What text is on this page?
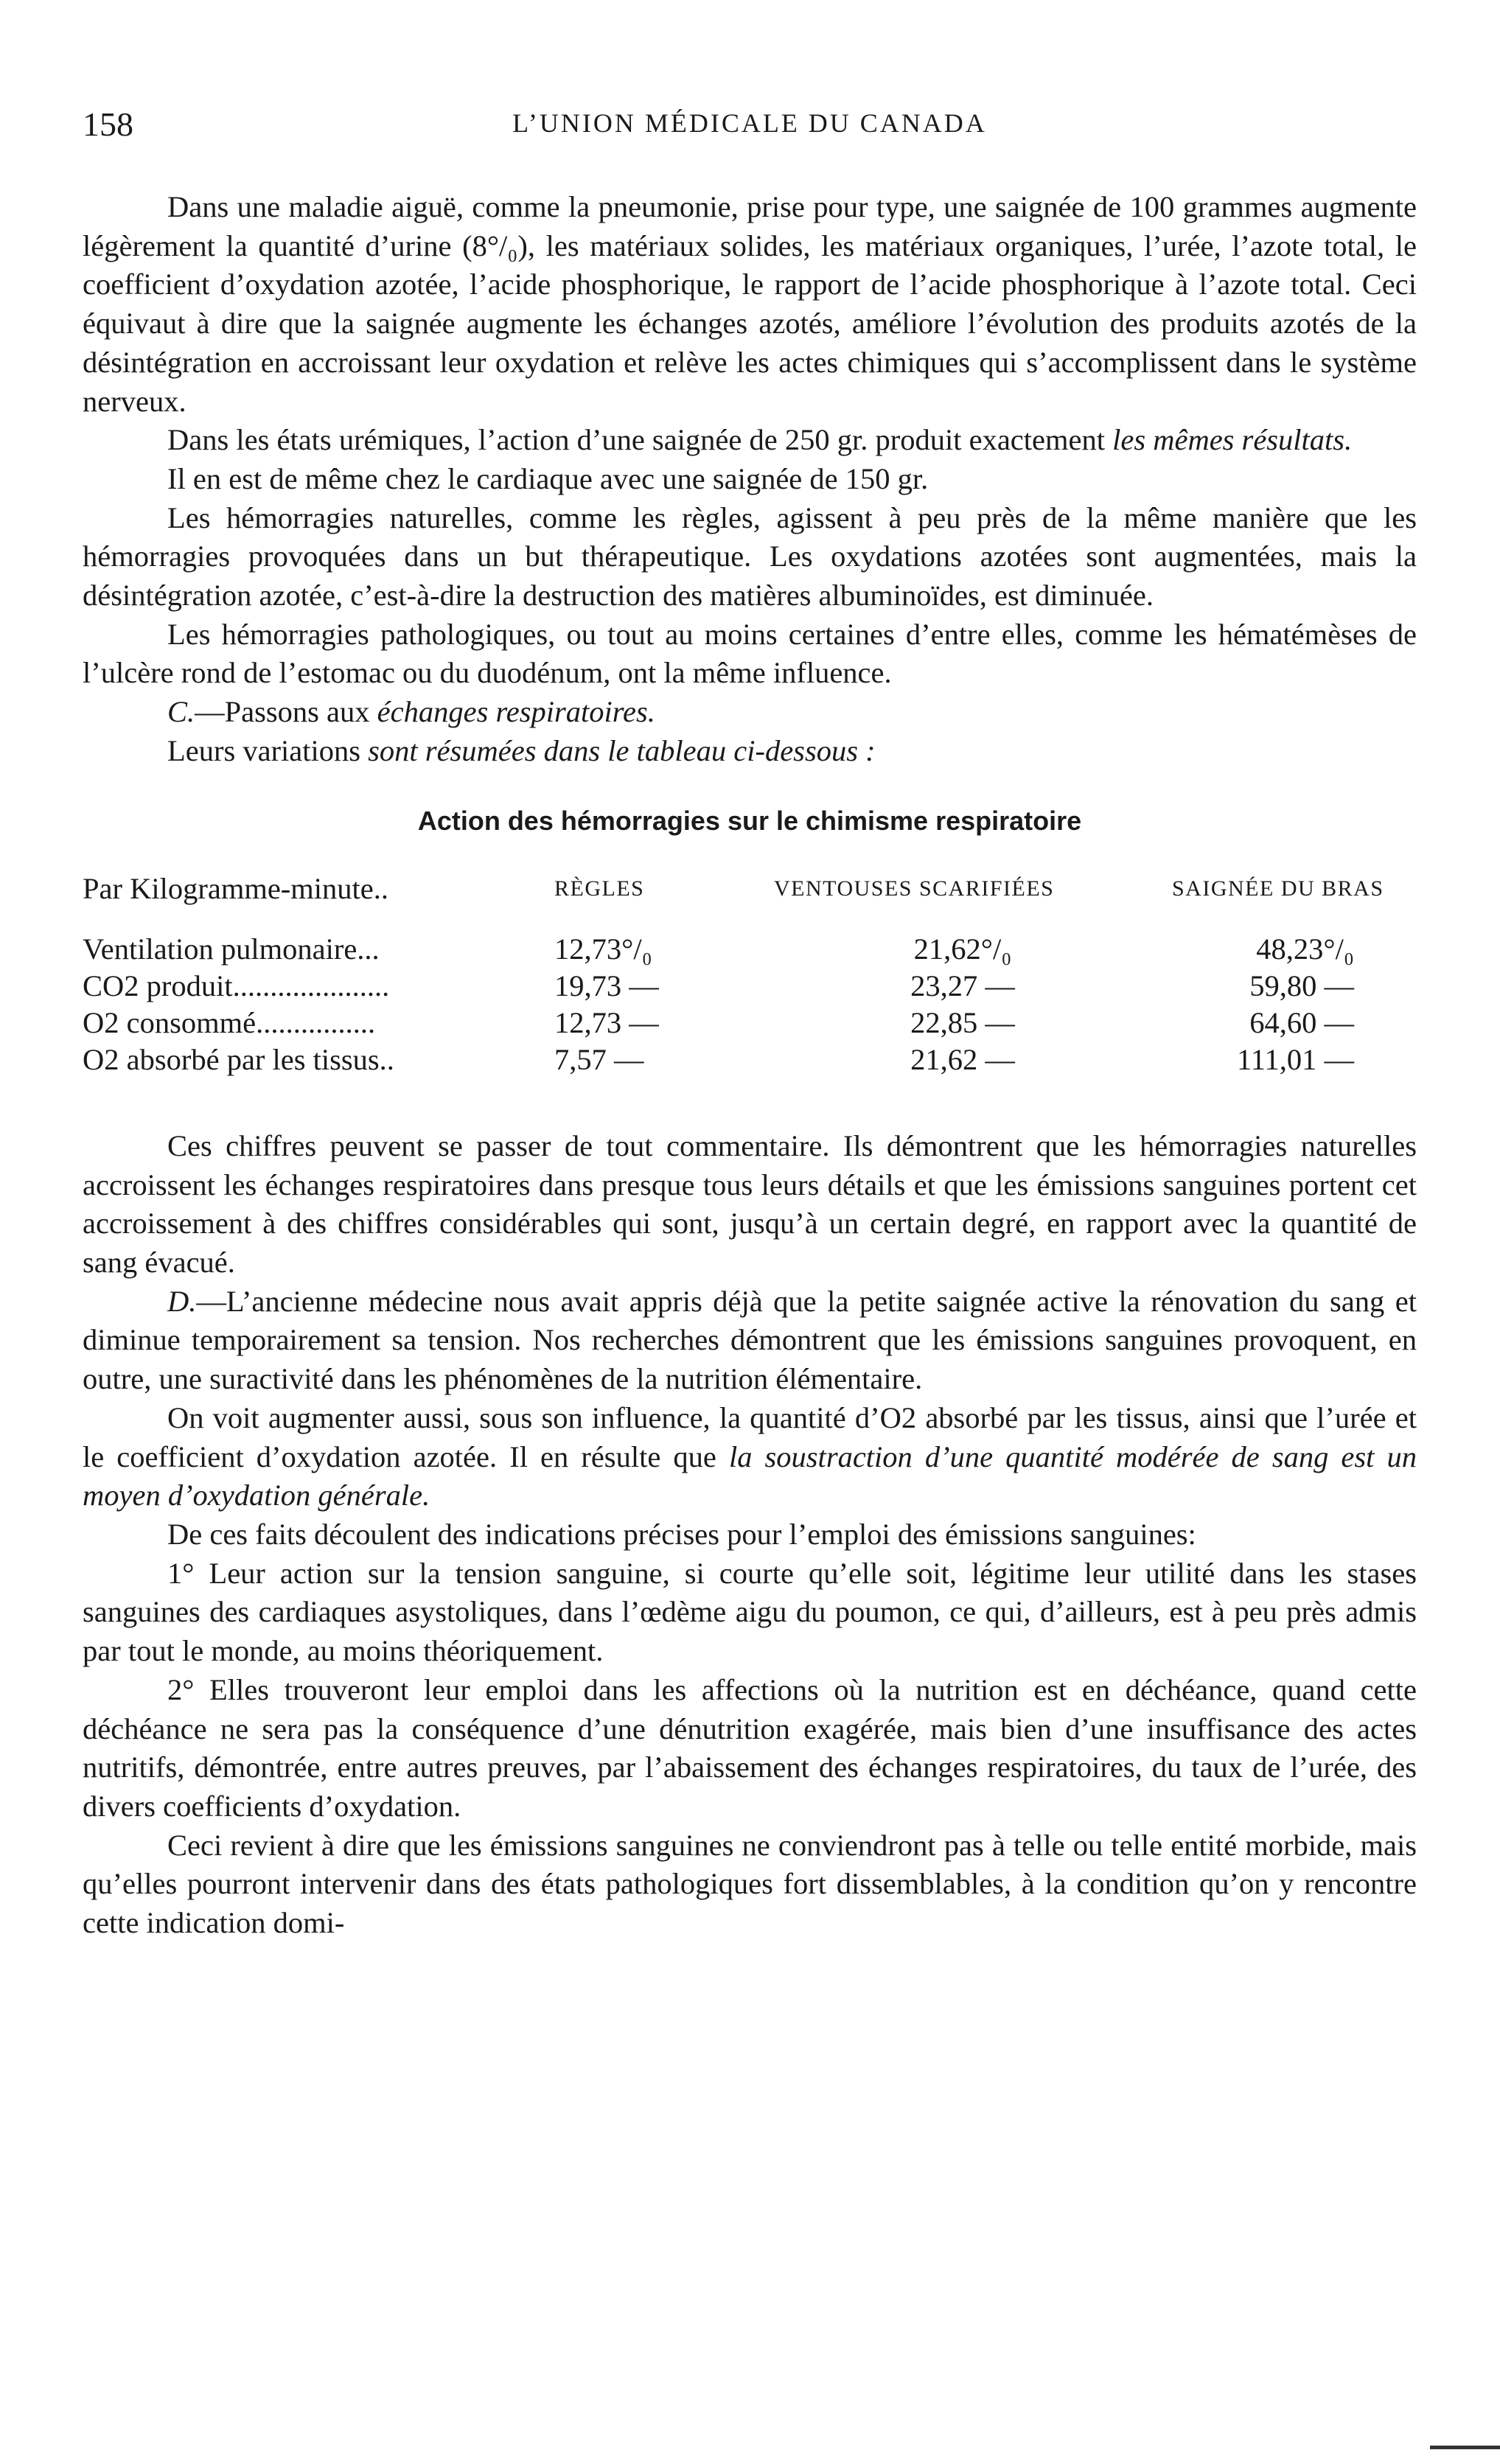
158	L’UNION MÉDICALE DU CANADA

Dans une maladie aiguë, comme la pneumonie, prise pour type, une saignée de 100 grammes augmente légèrement la quantité d’urine (8°/₀), les matériaux solides, les matériaux organiques, l’urée, l’azote total, le coefficient d’oxydation azotée, l’acide phosphorique, le rapport de l’acide phosphorique à l’azote total. Ceci équivaut à dire que la saignée augmente les échanges azotés, améliore l’évolution des produits azotés de la désintégration en accroissant leur oxydation et relève les actes chimiques qui s’accomplissent dans le système nerveux.

Dans les états urémiques, l’action d’une saignée de 250 gr. produit exactement les mêmes résultats.

Il en est de même chez le cardiaque avec une saignée de 150 gr.

Les hémorragies naturelles, comme les règles, agissent à peu près de la même manière que les hémorragies provoquées dans un but thérapeutique. Les oxydations azotées sont augmentées, mais la désintégration azotée, c’est-à-dire la destruction des matières albuminoïdes, est diminuée.

Les hémorragies pathologiques, ou tout au moins certaines d’entre elles, comme les hématémèses de l’ulcère rond de l’estomac ou du duodénum, ont la même influence.

C.—Passons aux échanges respiratoires.

Leurs variations sont résumées dans le tableau ci-dessous :

Action des hémorragies sur le chimisme respiratoire
Par Kilogramme-minute..	RÈGLES	VENTOUSES SCARIFIÉES	SAIGNÉE DU BRAS
Ventilation pulmonaire...	12,73°/₀	21,62°/₀	48,23°/₀
CO2 produit.....................	19,73 —	23,27 —	59,80 —
O2 consommé................	12,73 —	22,85 —	64,60 —
O2 absorbé par les tissus..	7,57 —	21,62 —	111,01 —

Ces chiffres peuvent se passer de tout commentaire. Ils démontrent que les hémorragies naturelles accroissent les échanges respiratoires dans presque tous leurs détails et que les émissions sanguines portent cet accroissement à des chiffres considérables qui sont, jusqu’à un certain degré, en rapport avec la quantité de sang évacué.

D.—L’ancienne médecine nous avait appris déjà que la petite saignée active la rénovation du sang et diminue temporairement sa tension. Nos recherches démontrent que les émissions sanguines provoquent, en outre, une suractivité dans les phénomènes de la nutrition élémentaire.

On voit augmenter aussi, sous son influence, la quantité d’O2 absorbé par les tissus, ainsi que l’urée et le coefficient d’oxydation azotée. Il en résulte que la soustraction d’une quantité modérée de sang est un moyen d’oxydation générale.

De ces faits découlent des indications précises pour l’emploi des émissions sanguines:

1° Leur action sur la tension sanguine, si courte qu’elle soit, légitime leur utilité dans les stases sanguines des cardiaques asystoliques, dans l’œdème aigu du poumon, ce qui, d’ailleurs, est à peu près admis par tout le monde, au moins théoriquement.

2° Elles trouveront leur emploi dans les affections où la nutrition est en déchéance, quand cette déchéance ne sera pas la conséquence d’une dénutrition exagérée, mais bien d’une insuffisance des actes nutritifs, démontrée, entre autres preuves, par l’abaissement des échanges respiratoires, du taux de l’urée, des divers coefficients d’oxydation.

Ceci revient à dire que les émissions sanguines ne conviendront pas à telle ou telle entité morbide, mais qu’elles pourront intervenir dans des états pathologiques fort dissemblables, à la condition qu’on y rencontre cette indication domi-
